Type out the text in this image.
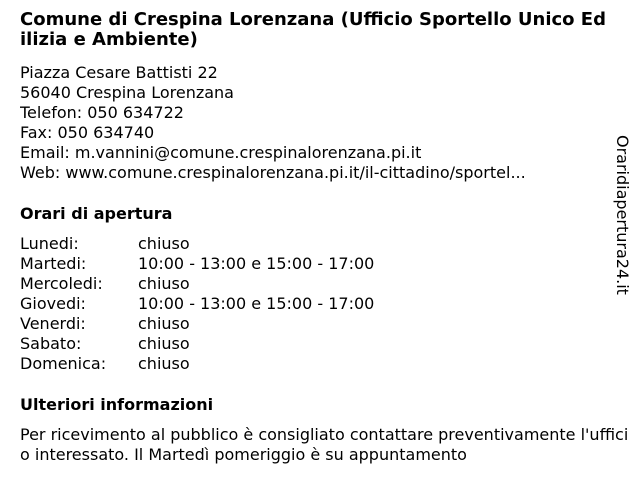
Comune di Crespina Lorenzana (Ufficio Sportello Unico Edilizia e Ambiente)
Piazza Cesare Battisti 22
56040 Crespina Lorenzana
Telefon: 050 634722
Fax: 050 634740
Email: m.vannini@comune.crespinalorenzana.pi.it
Web: www.comune.crespinalorenzana.pi.it/il-cittadino/sportel...
Orari di apertura
Lunedi:	chiuso
Martedi:	10:00 - 13:00 e 15:00 - 17:00
Mercoledi:	chiuso
Giovedi:	10:00 - 13:00 e 15:00 - 17:00
Venerdi:	chiuso
Sabato:	chiuso
Domenica:	chiuso
Ulteriori informazioni
Per ricevimento al pubblico è consigliato contattare preventivamente l'ufficio interessato. Il Martedì pomeriggio è su appuntamento
Oraridiapertura24.it
